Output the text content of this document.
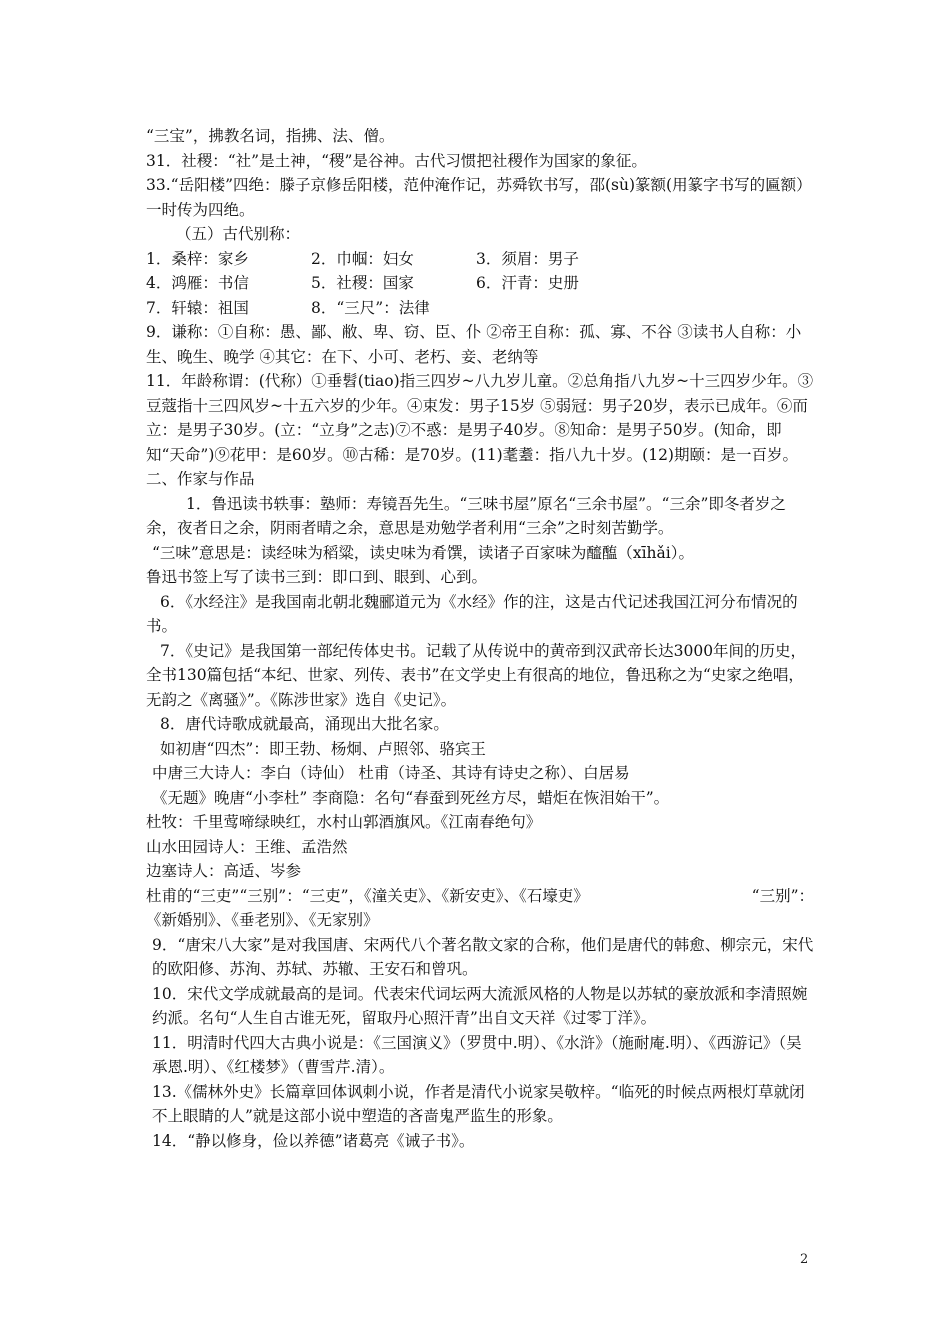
“三宝”，拂教名词，指拂、法、僧。
31．社稷：“社”是土神，“稷”是谷神。古代习惯把社稷作为国家的象征。
33.“岳阳楼”四绝：滕子京修岳阳楼，范仲淹作记，苏舜钦书写，邵(sù)篆额(用篆字书写的匾额）一时传为四绝。
（五）古代别称：
1．桑梓：家乡	2．巾帼：妇女	3．须眉：男子
4．鸿雁：书信	5．社稷：国家	6．汗青：史册
7．轩辕：祖国	8．“三尺”：法律
9．谦称：①自称：愚、鄙、敝、卑、窃、臣、仆 ②帝王自称：孤、寡、不谷 ③读书人自称：小生、晚生、晚学 ④其它：在下、小可、老朽、妾、老纳等
11．年龄称谓：(代称）①垂髫(tiao)指三四岁~八九岁儿童。②总角指八九岁~十三四岁少年。③豆蔻指十三四风岁~十五六岁的少年。④束发：男子15岁 ⑤弱冠：男子20岁，表示已成年。⑥而立：是男子30岁。(立：“立身”之志)⑦不惑：是男子40岁。⑧知命：是男子50岁。(知命，即知“天命”)⑨花甲：是60岁。⑩古稀：是70岁。(11)耄耋：指八九十岁。(12)期颐：是一百岁。
二、作家与作品
1．鲁迅读书轶事：塾师：寿镜吾先生。“三味书屋”原名“三余书屋”。“三余”即冬者岁之余，夜者日之余，阴雨者晴之余，意思是劝勉学者利用“三余”之时刻苦勤学。
“三味”意思是：读经味为稻粱，读史味为肴馔，读诸子百家味为醯醢（xīhǎi）。
鲁迅书签上写了读书三到：即口到、眼到、心到。
6．《水经注》是我国南北朝北魏郦道元为《水经》作的注，这是古代记述我国江河分布情况的书。
7．《史记》是我国第一部纪传体史书。记载了从传说中的黄帝到汉武帝长达3000年间的历史，全书130篇包括“本纪、世家、列传、表书”在文学史上有很高的地位，鲁迅称之为“史家之绝唱，无韵之《离骚》”。《陈涉世家》选自《史记》。
8．唐代诗歌成就最高，涌现出大批名家。
如初唐“四杰”：即王勃、杨炯、卢照邻、骆宾王
中唐三大诗人：李白（诗仙） 杜甫（诗圣、其诗有诗史之称）、白居易
《无题》晚唐“小李杜” 李商隐：名句“春蚕到死丝方尽，蜡炬在恢泪始干”。
杜牧：千里莺啼绿映红，水村山郭酒旗风。《江南春绝句》
山水田园诗人：王维、孟浩然
边塞诗人：高适、岑参
杜甫的“三吏”“三别”：“三吏”，《潼关吏》、《新安吏》、《石壕吏》	“三别”：
《新婚别》、《垂老别》、《无家别》
9．“唐宋八大家”是对我国唐、宋两代八个著名散文家的合称，他们是唐代的韩愈、柳宗元，宋代的欧阳修、苏洵、苏轼、苏辙、王安石和曾巩。
10．宋代文学成就最高的是词。代表宋代词坛两大流派风格的人物是以苏轼的豪放派和李清照婉约派。名句“人生自古谁无死，留取丹心照汗青”出自文天祥《过零丁洋》。
11．明清时代四大古典小说是：《三国演义》（罗贯中.明）、《水浒》（施耐庵.明）、《西游记》（吴承恩.明）、《红楼梦》（曹雪芹.清）。
13.《儒林外史》长篇章回体讽刺小说，作者是清代小说家吴敬梓。“临死的时候点两根灯草就闭不上眼睛的人”就是这部小说中塑造的吝啬鬼严监生的形象。
14．“静以修身，俭以养德”诸葛亮《诫子书》。
2
